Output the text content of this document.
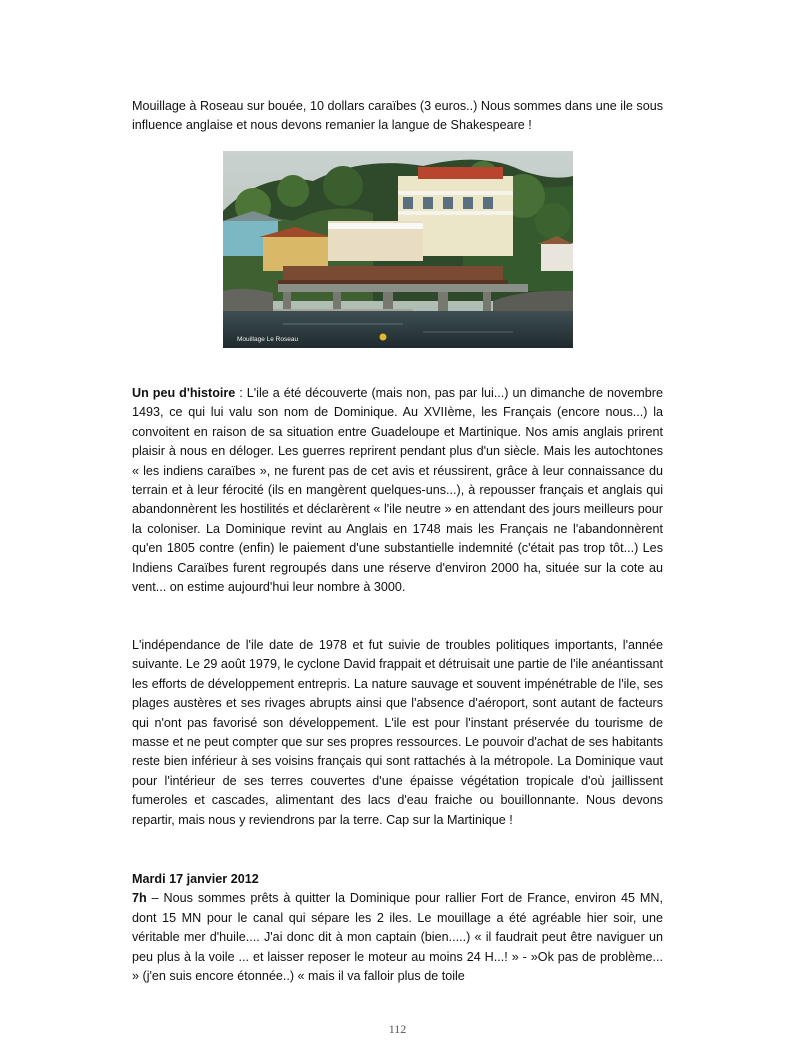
Mouillage à Roseau sur bouée, 10 dollars caraïbes (3 euros..) Nous sommes dans une ile sous influence anglaise et nous devons remanier la langue de Shakespeare !

Mouillage Le Roseau

Un peu d'histoire : L'ile a été découverte (mais non, pas par lui...) un dimanche de novembre 1493, ce qui lui valu son nom de Dominique. Au XVIIème, les Français (encore nous...) la convoitent en raison de sa situation entre Guadeloupe et Martinique. Nos amis anglais prirent plaisir à nous en déloger. Les guerres reprirent pendant plus d'un siècle. Mais les autochtones « les indiens caraïbes », ne furent pas de cet avis et réussirent, grâce à leur connaissance du terrain et à leur férocité (ils en mangèrent quelques-uns...), à repousser français et anglais qui abandonnèrent les hostilités et déclarèrent « l'ile neutre » en attendant des jours meilleurs pour la coloniser. La Dominique revint au Anglais en 1748 mais les Français ne l'abandonnèrent qu'en 1805 contre (enfin) le paiement d'une substantielle indemnité (c'était pas trop tôt...) Les Indiens Caraïbes furent regroupés dans une réserve d'environ 2000 ha, située sur la cote au vent... on estime aujourd'hui leur nombre à 3000.

L'indépendance de l'ile date de 1978 et fut suivie de troubles politiques importants, l'année suivante. Le 29 août 1979, le cyclone David frappait et détruisait une partie de l'ile anéantissant les efforts de développement entrepris. La nature sauvage et souvent impénétrable de l'ile, ses plages austères et ses rivages abrupts ainsi que l'absence d'aéroport, sont autant de facteurs qui n'ont pas favorisé son développement. L'ile est pour l'instant préservée du tourisme de masse et ne peut compter que sur ses propres ressources. Le pouvoir d'achat de ses habitants reste bien inférieur à ses voisins français qui sont rattachés à la métropole. La Dominique vaut pour l'intérieur de ses terres couvertes d'une épaisse végétation tropicale d'où jaillissent fumeroles et cascades, alimentant des lacs d'eau fraiche ou bouillonnante. Nous devons repartir, mais nous y reviendrons par la terre. Cap sur la Martinique !

Mardi 17 janvier 2012
7h – Nous sommes prêts à quitter la Dominique pour rallier Fort de France, environ 45 MN, dont 15 MN pour le canal qui sépare les 2 iles. Le mouillage a été agréable hier soir, une véritable mer d'huile.... J'ai donc dit à mon captain (bien.....) « il faudrait peut être naviguer un peu plus à la voile ... et laisser reposer le moteur au moins 24 H...! » - »Ok pas de problème... » (j'en suis encore étonnée..) « mais il va falloir plus de toile

112
